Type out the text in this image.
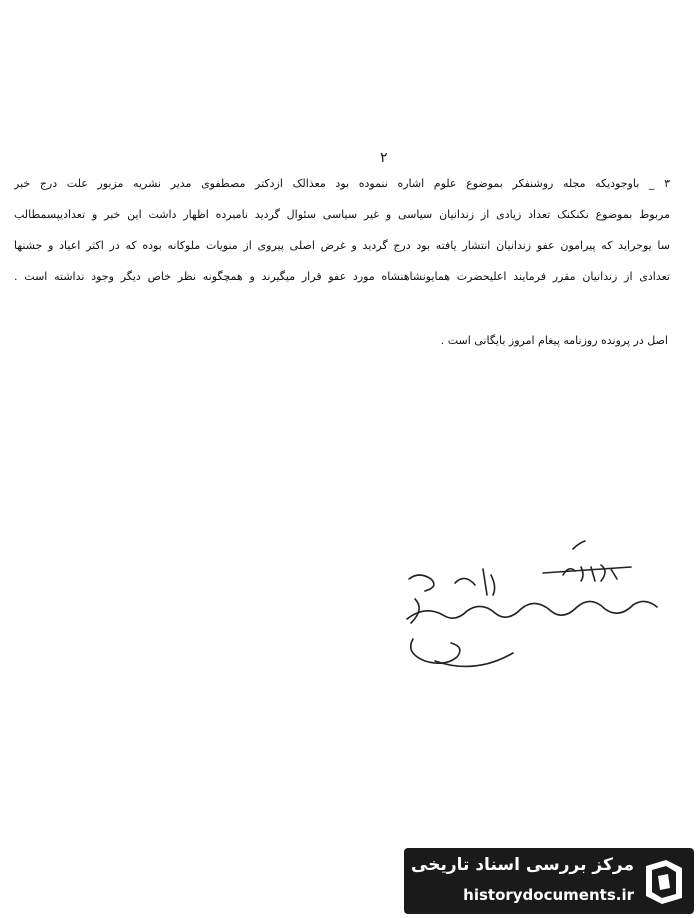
۲
۳ _ باوجودیکه مجله روشنفکر بموضوع علوم اشاره ننموده بود معذالک ازدکتر مصطفوی مدیر نشریه مزبور علت درج خبر
مربوط بموضوع نکنکنک تعداد زیادی از زندانیان سیاسی و غیر سیاسی سئوال گردید نامبرده اظهار داشت این خبر و تعدادیپسمطالب
سا یوحراید که پیرامون عفو زندانیان انتشار یافته بود درج گردید و غرض اصلی پیروی از منویات ملوکانه بوده که در اکثر اعیاد و جشنها
تعدادی از زندانیان مقرر فرمایند اعلیحضرت همایونشاهنشاه مورد عفو قرار میگیرند و همچگونه نظر خاص دیگر وجود نداشته است .
اصل در پرونده روزنامه پیغام امروز بایگانی است .
مرکز بررسی اسناد تاریخی
historydocuments.ir
